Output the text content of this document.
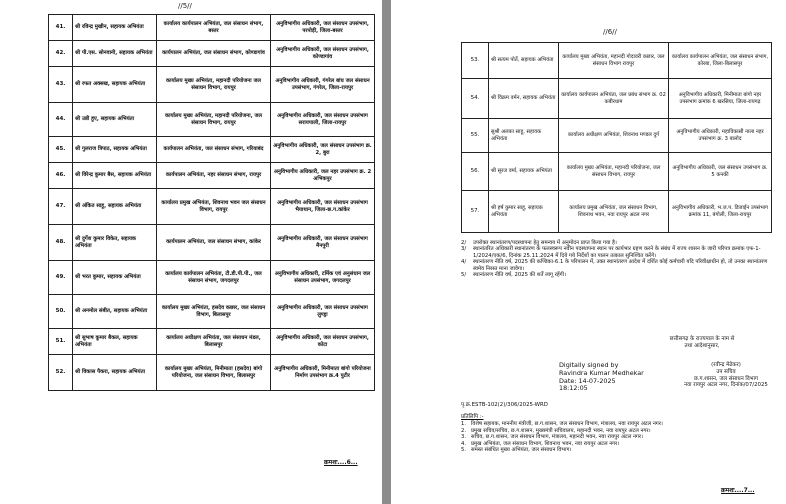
//5//
41.	श्री रविन्द्र मुखीन, सहायक अभियंता	कार्यालय कार्यपालन अभियंता, जल संसाधन संभाग, बस्तर	अनुविभागीय अधिकारी, जल संसाधन उपसंभाग, परपोड़ी, जिला-बस्तर
42.	श्री पी.एस. सोनवानी, सहायक अभियंता	कार्यपालन अभियंता, जल संसाधन संभाग, कोण्डागांव	अनुविभागीय अधिकारी, जल संसाधन उपसंभाग, कोण्डागांव
43.	श्री रफत अक्सख, सहायक अभियंता	कार्यालय मुख्य अभियंता, महानदी परियोजना जल संसाधन विभाग, रायपुर	अनुविभागीय अधिकारी, गंगरेल बांध जल संसाधन उपसंभाग, गंगरेल, जिला-रायपुर
44.	श्री उन्नी हुए, सहायक अभियंता	कार्यालय मुख्य अभियंता, महानदी परियोजना, जल संसाधन विभाग, रायपुर	अनुविभागीय अधिकारी, जल संसाधन उपसंभाग सरायपाली, जिला-रायपुर
45.	श्री गुलराज त्रिपाठ, सहायक अभियंता	कार्यपालन अभियंता, जल संसाधन संभाग, गरियाबंद	अनुविभागीय अधिकारी, जल संसाधन उपसंभाग क्र. 2, बुरा
46.	श्री विरेन्द्र कुमार बैस, सहायक अभियंता	कार्यपालन अभियंता, नहर संसाधन संभाग, रायपुर	अनुविभागीय अधिकारी, जल नहर उपसंभाग क्र. 2 अभिकपुर
47.	श्री अंकित साहू, सहायक अभियंता	कार्यालय प्रमुख अभियंता, शिवनाथ भवन जल संसाधन विभाग, रायपुर	अनुविभागीय अधिकारी, जल संसाधन उपसंभाग भैयाथान, जिला-छ.ग.कांकेर
48.	श्री दुर्गेश कुमार विकेत, सहायक अभियंता	कार्यपालन अभियंता, जल संसाधन संभाग, कांकेर	अनुविभागीय अधिकारी, जल संसाधन उपसंभाग मैनपुरी
49.	श्री भरत कुमार, सहायक अभियंता	कार्यालय कार्यपालन अभियंता, टी.डी.पी.पी., जल संसाधन संभाग, जगदलपुर	अनुविभागीय अधिकारी, टर्मिक एवं अनुसंधान जल संसाधन उपसंभाग, जगदलपुर
50.	श्री अनमोल संबीत, सहायक अभियंता	कार्यालय मुख्य अभियंता, हसदेव कछार, जल संसाधन विभाग, बिलासपुर	अनुविभागीय अधिकारी, जल संसाधन उपसंभाग लुण्ड्रा
51.	श्री सुभाष कुमार बैकल, सहायक अभियंता	कार्यालय अधीक्षण अभियंता, जल संसाधन मंडल, बिलासपुर	अनुविभागीय अधिकारी, जल संसाधन उपसंभाग, कोटा
52.	श्री विकास पैकरा, सहायक अभियंता	कार्यालय मुख्य अभियंता, मिनीमाता (हसदेव) बांगो परियोजना, जल संसाधन विभाग, बिलासपुर	अनुविभागीय अधिकारी, मिनीमाता बांगो परियोजना निर्माण उपसंभाग क्र.4 पुटीर
क्रमशः....6...
//6//
53.	श्री सत्यम पोर्ते, सहायक अभियंता	कार्यालय मुख्य अभियंता, महानदी गोदावरी कछार, जल संसाधन विभाग रायपुर	कार्यालय कार्यपालन अभियंता, जल संसाधन संभाग, कोरबा, जिला-बिलासपुर
54.	श्री विक्रम वर्मन, सहायक अभियंता	कार्यालय कार्यपालन अभियंता, जल प्रबंध संभाग क्र. 02 कबीरधाम	अनुविभागीय अधिकारी, मिनीमाता बांगो नहर उपसंभाग क्रमांक 6 खरसिया, जिला-रायगढ़
55.	सुश्री अलका साहू, सहायक अभियंता	कार्यालय अधीक्षण अभियंता, शिवनाथ मण्डल दुर्ग	अनुविभागीय अधिकारी, महाविकासी नाला नहर उपसंभाग क्र. 3 बालोद
56.	श्री सूरज वर्मा, सहायक अभियंता	कार्यालय मुख्य अभियंता, महानदी परियोजना, जल संसाधन विभाग, रायपुर	अनुविभागीय अधिकारी, जल संसाधन उपसंभाग क्र. 5 कनकी
57.	श्री हर्ष कुमार साहू, सहायक अभियंता	कार्यालय प्रमुख अभियंता, जल संसाधन विभाग, शिवनाथ भवन, नवा रायपुर अटल नगर	अनुविभागीय अधिकारी, भ.ज.प. डिजाईन उपसंभाग क्रमांक 11, बंगोली, जिला-रायपुर
2/	उपरोक्त स्थानांतरण/पदस्थापना हेतु समन्वय में अनुमोदन प्राप्त किया गया है।
3/	स्थानांतरित अधिकारी स्थानांतरण के फलस्वरूप नवीन पदस्थापना स्थान पर कार्यभार ग्रहण करने के संबंध में राज्य शासन के जारी परिपत्र क्रमांक एफ-1-1/2024/एक/6, दिनांक 25.11.2024 में दिये गये निर्देशों का पालन तत्काल सुनिश्चित करेंगे।
4/	स्थानांतरण नीति वर्ष, 2025 की कण्डिका-6.1 के परिपालन में, उक्त स्थानांतरण आदेश में दर्शित कोई कर्मचारी यदि परिवीक्षाधीन हो, तो उनका स्थानांतरण स्वमेव निरस्त माना जावेगा।
5/	स्थानांतरण नीति वर्ष, 2025 की शर्तें लागू रहेंगी।
छत्तीसगढ़ के राज्यपाल के नाम से
तथा आदेशानुसार,
Digitally signed by
Ravindra Kumar Medhekar
Date: 14-07-2025
18:12:05
(रवीन्द्र मेढेकर)
उप सचिव
छ.ग.शासन, जल संसाधन विभाग
नवा रायपुर अटल नगर, दिनांक/07/2025
पृ.क्र.ESTB-102(2)/306/2025-WRD
प्रतिलिपि :-
1. विशेष सहायक, माननीय मंत्रीजी, छ.ग.शासन, जल संसाधन विभाग, मंत्रालय, नवा रायपुर अटल नगर।
2. प्रमुख सचिव/सचिव, छ.ग.शासन, मुख्यमंत्री सचिवालय, महानदी भवन, नवा रायपुर अटल नगर।
3. सचिव, छ.ग.शासन, जल संसाधन विभाग, मंत्रालय, महानदी भवन, नवा रायपुर अटल नगर।
4. प्रमुख अभियंता, जल संसाधन विभाग, शिवनाथ भवन, नवा रायपुर अटल नगर।
5. समस्त संबंधित मुख्य अभियंता, जल संसाधन विभाग।
क्रमशः....7...
